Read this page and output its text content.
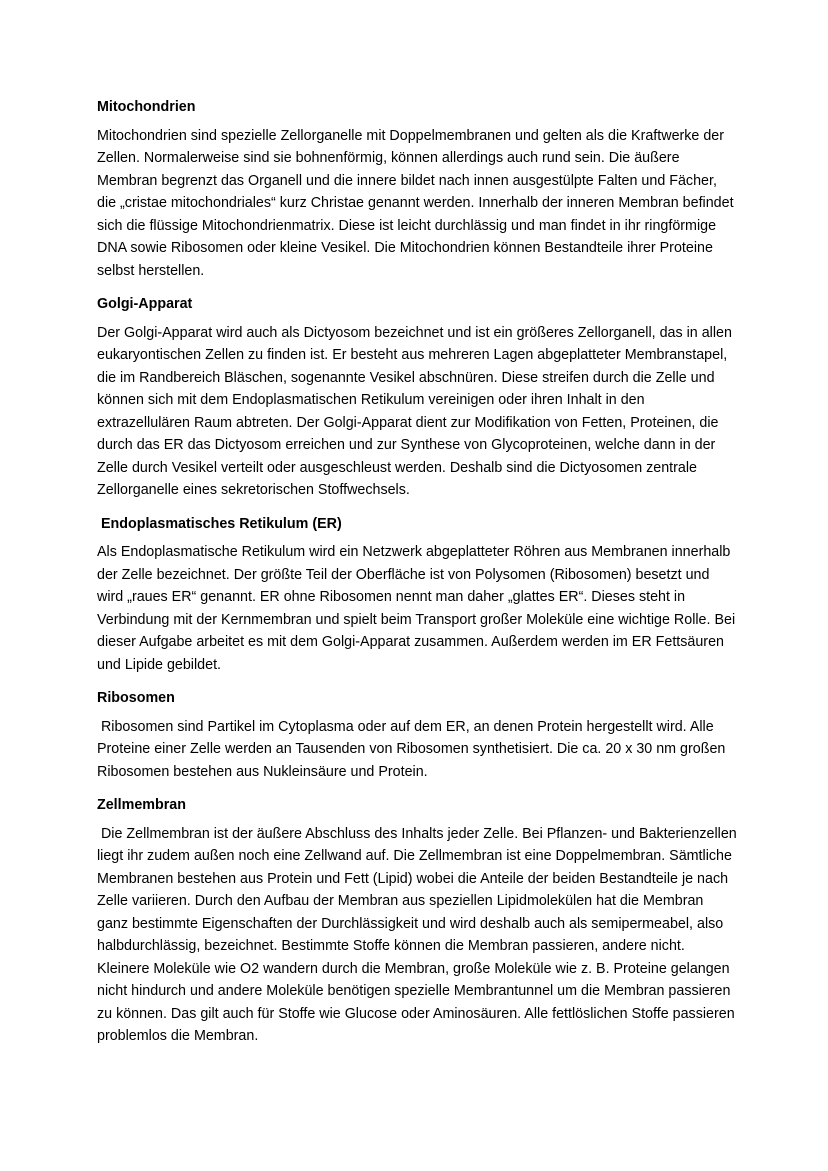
Mitochondrien

Mitochondrien sind spezielle Zellorganelle mit Doppelmembranen und gelten als die Kraftwerke der Zellen. Normalerweise sind sie bohnenförmig, können allerdings auch rund sein. Die äußere Membran begrenzt das Organell und die innere bildet nach innen ausgestülpte Falten und Fächer, die „cristae mitochondriales“ kurz Christae genannt werden. Innerhalb der inneren Membran befindet sich die flüssige Mitochondrienmatrix. Diese ist leicht durchlässig und man findet in ihr ringförmige DNA sowie Ribosomen oder kleine Vesikel. Die Mitochondrien können Bestandteile ihrer Proteine selbst herstellen.

Golgi-Apparat

Der Golgi-Apparat wird auch als Dictyosom bezeichnet und ist ein größeres Zellorganell, das in allen eukaryontischen Zellen zu finden ist. Er besteht aus mehreren Lagen abgeplatteter Membranstapel, die im Randbereich Bläschen, sogenannte Vesikel abschnüren. Diese streifen durch die Zelle und können sich mit dem Endoplasmatischen Retikulum vereinigen oder ihren Inhalt in den extrazellulären Raum abtreten. Der Golgi-Apparat dient zur Modifikation von Fetten, Proteinen, die durch das ER das Dictyosom erreichen und zur Synthese von Glycoproteinen, welche dann in der Zelle durch Vesikel verteilt oder ausgeschleust werden. Deshalb sind die Dictyosomen zentrale Zellorganelle eines sekretorischen Stoffwechsels.

Endoplasmatisches Retikulum (ER)

Als Endoplasmatische Retikulum wird ein Netzwerk abgeplatteter Röhren aus Membranen innerhalb der Zelle bezeichnet. Der größte Teil der Oberfläche ist von Polysomen (Ribosomen) besetzt und wird „raues ER“ genannt. ER ohne Ribosomen nennt man daher „glattes ER“. Dieses steht in Verbindung mit der Kernmembran und spielt beim Transport großer Moleküle eine wichtige Rolle. Bei dieser Aufgabe arbeitet es mit dem Golgi-Apparat zusammen. Außerdem werden im ER Fettsäuren und Lipide gebildet.

Ribosomen

Ribosomen sind Partikel im Cytoplasma oder auf dem ER, an denen Protein hergestellt wird. Alle Proteine einer Zelle werden an Tausenden von Ribosomen synthetisiert. Die ca. 20 x 30 nm großen Ribosomen bestehen aus Nukleinsäure und Protein.

Zellmembran

Die Zellmembran ist der äußere Abschluss des Inhalts jeder Zelle. Bei Pflanzen- und Bakterienzellen liegt ihr zudem außen noch eine Zellwand auf. Die Zellmembran ist eine Doppelmembran. Sämtliche Membranen bestehen aus Protein und Fett (Lipid) wobei die Anteile der beiden Bestandteile je nach Zelle variieren. Durch den Aufbau der Membran aus speziellen Lipidmolekülen hat die Membran ganz bestimmte Eigenschaften der Durchlässigkeit und wird deshalb auch als semipermeabel, also halbdurchlässig, bezeichnet. Bestimmte Stoffe können die Membran passieren, andere nicht. Kleinere Moleküle wie O2 wandern durch die Membran, große Moleküle wie z. B. Proteine gelangen nicht hindurch und andere Moleküle benötigen spezielle Membrantunnel um die Membran passieren zu können. Das gilt auch für Stoffe wie Glucose oder Aminosäuren. Alle fettlöslichen Stoffe passieren problemlos die Membran.
